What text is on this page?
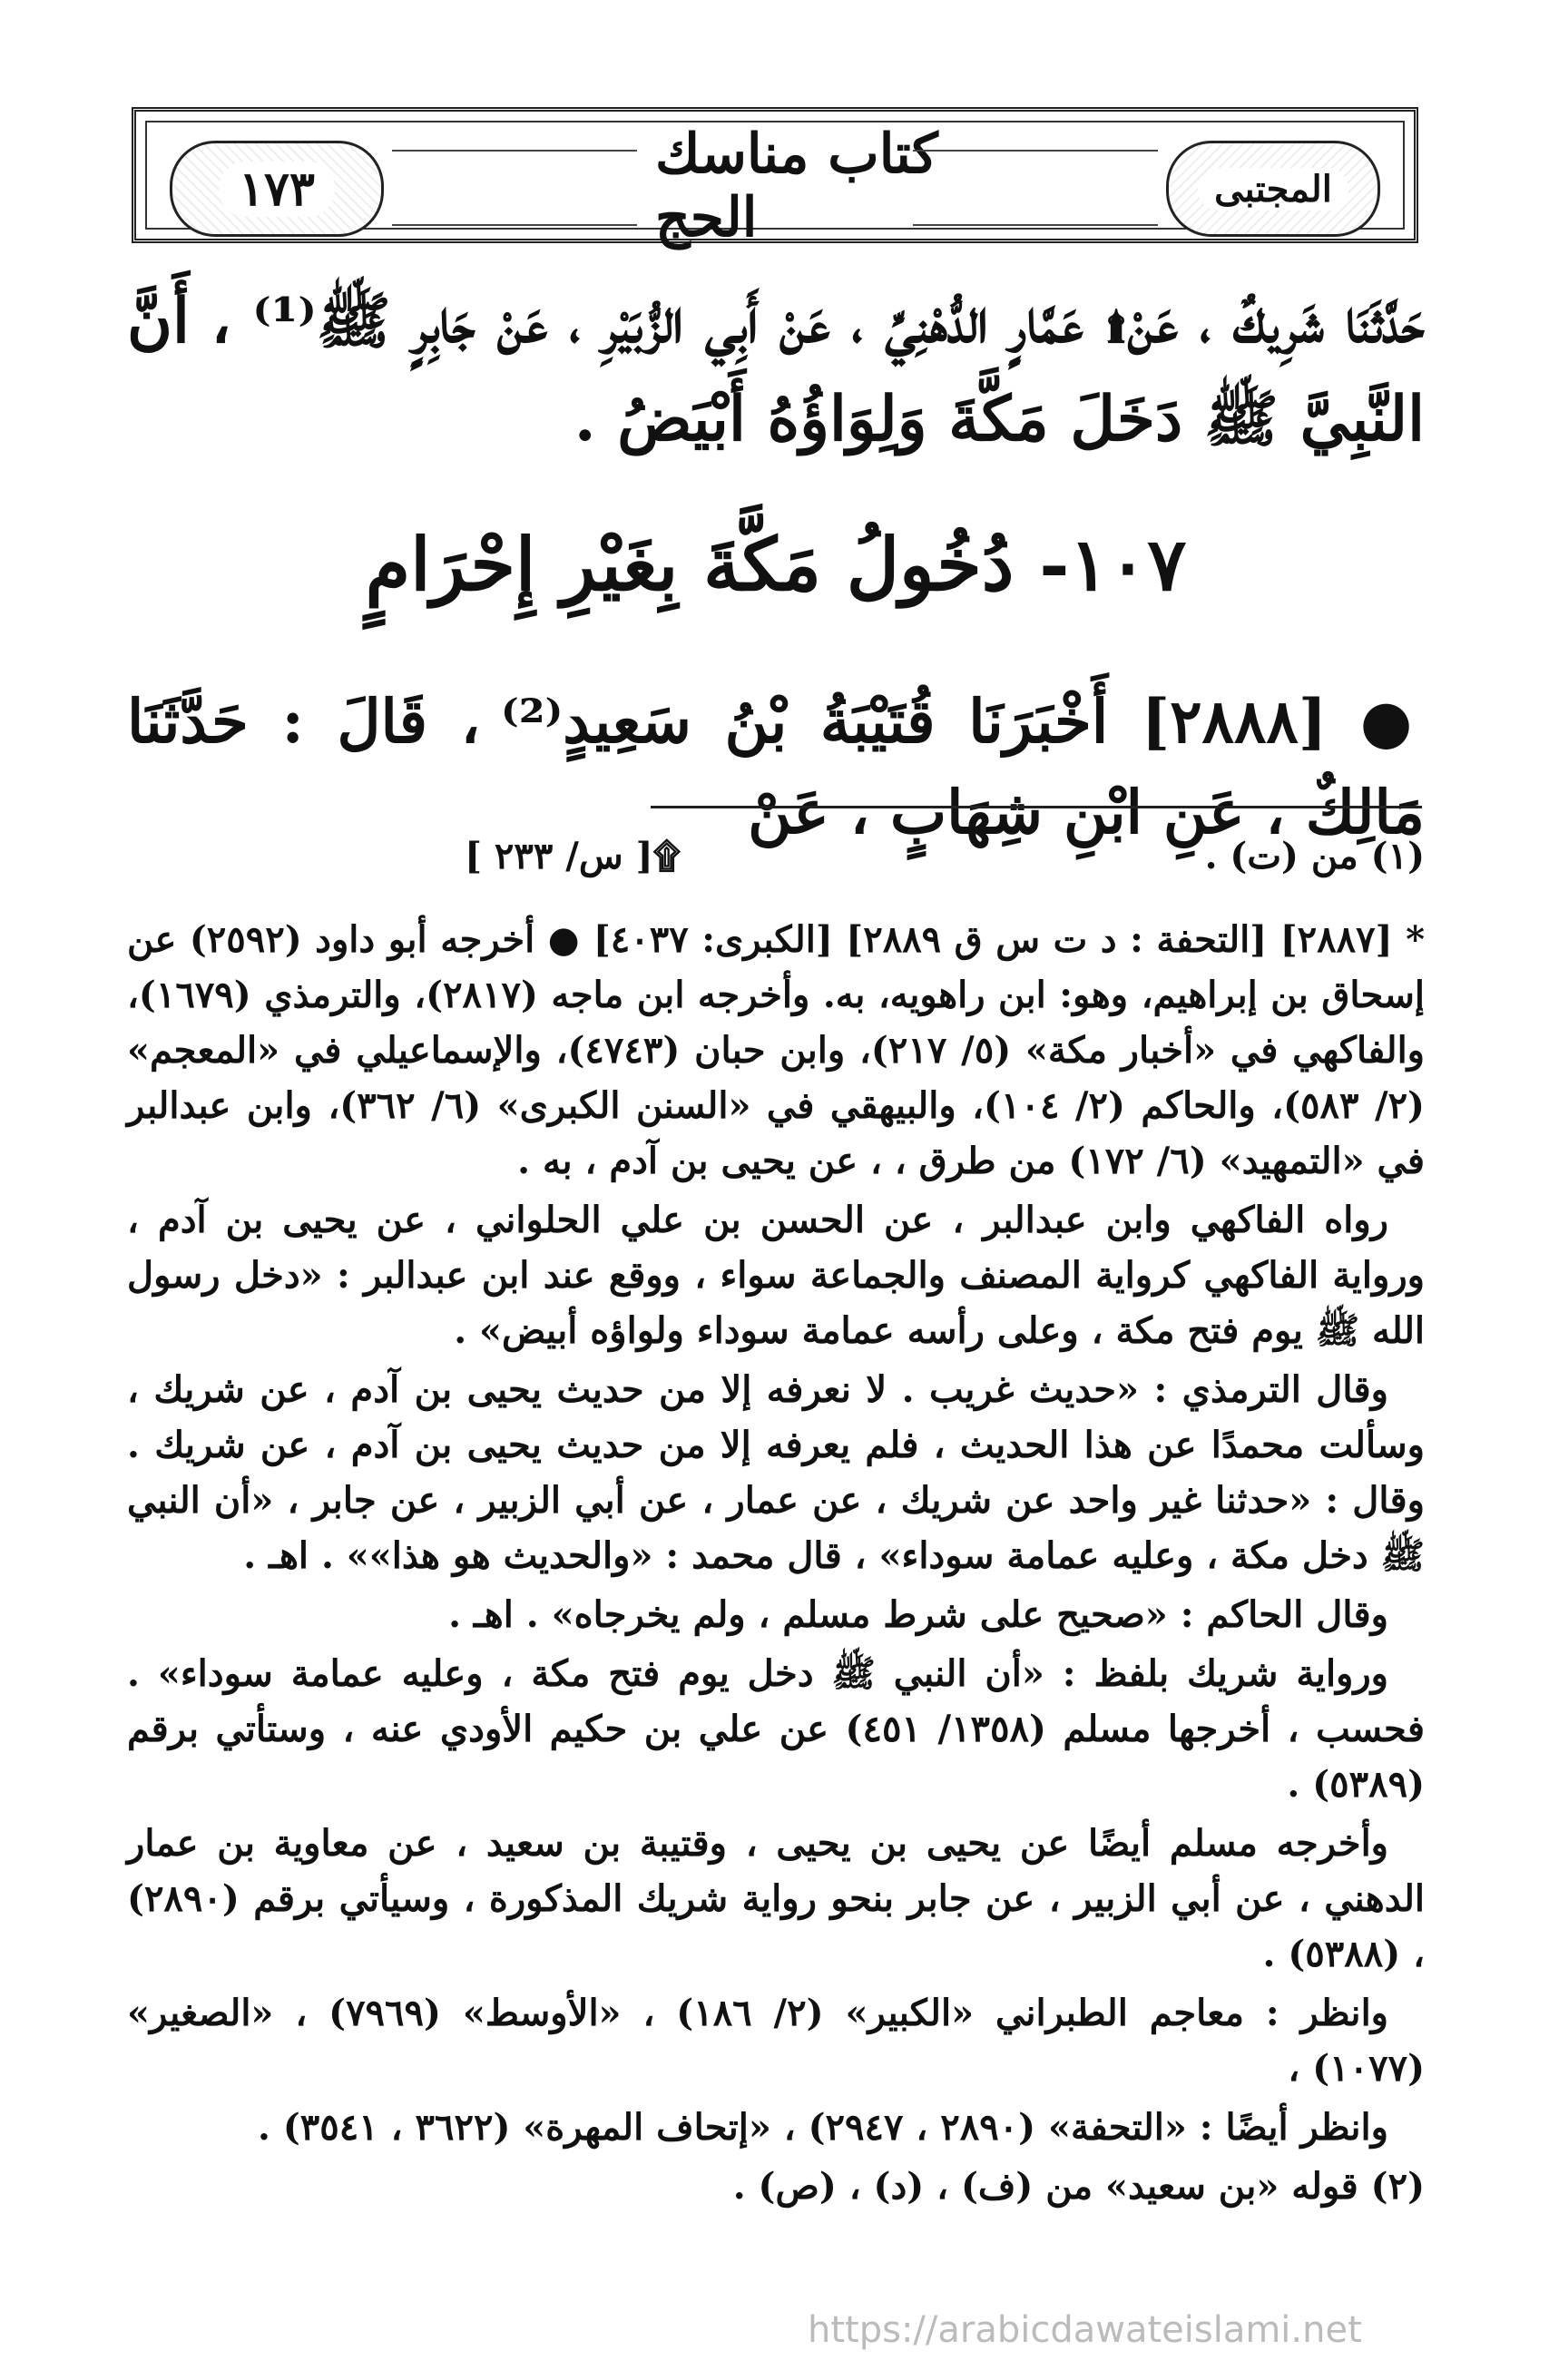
١٧٣
كتاب مناسك الحج	المجتبى
حَدَّثَنَا شَرِيكٌ ، عَنْ۩ عَمَّارٍ الدُّهْنِيِّ ، عَنْ أَبِي الزُّبَيْرِ ، عَنْ جَابِرٍ ﷺ⁽¹⁾ ، أَنَّ النَّبِيَّ ﷺ دَخَلَ مَكَّةَ وَلِوَاؤُهُ أَبْيَضُ .
١٠٧- دُخُولُ مَكَّةَ بِغَيْرِ إِحْرَامٍ
● [٢٨٨٨] أَخْبَرَنَا قُتَيْبَةُ بْنُ سَعِيدٍ⁽²⁾ ، قَالَ : حَدَّثَنَا مَالِكٌ ، عَنِ ابْنِ شِهَابٍ ، عَنْ
(١) من (ت) .
۩[ س/ ٢٣٣ ]

* [٢٨٨٧] [التحفة : د ت س ق ٢٨٨٩] [الكبرى: ٤٠٣٧] ● أخرجه أبو داود (٢٥٩٢) عن إسحاق بن إبراهيم، وهو: ابن راهويه، به. وأخرجه ابن ماجه (٢٨١٧)، والترمذي (١٦٧٩)، والفاكهي في «أخبار مكة» (٥/ ٢١٧)، وابن حبان (٤٧٤٣)، والإسماعيلي في «المعجم» (٢/ ٥٨٣)، والحاكم (٢/ ١٠٤)، والبيهقي في «السنن الكبرى» (٦/ ٣٦٢)، وابن عبدالبر في «التمهيد» (٦/ ١٧٢) من طرق ، ، عن يحيى بن آدم ، به .

رواه الفاكهي وابن عبدالبر ، عن الحسن بن علي الحلواني ، عن يحيى بن آدم ، ورواية الفاكهي كرواية المصنف والجماعة سواء ، ووقع عند ابن عبدالبر : «دخل رسول الله ﷺ يوم فتح مكة ، وعلى رأسه عمامة سوداء ولواؤه أبيض» .

وقال الترمذي : «حديث غريب . لا نعرفه إلا من حديث يحيى بن آدم ، عن شريك ، وسألت محمدًا عن هذا الحديث ، فلم يعرفه إلا من حديث يحيى بن آدم ، عن شريك . وقال : «حدثنا غير واحد عن شريك ، عن عمار ، عن أبي الزبير ، عن جابر ، «أن النبي ﷺ دخل مكة ، وعليه عمامة سوداء» ، قال محمد : «والحديث هو هذا»» . اهـ .

وقال الحاكم : «صحيح على شرط مسلم ، ولم يخرجاه» . اهـ .

ورواية شريك بلفظ : «أن النبي ﷺ دخل يوم فتح مكة ، وعليه عمامة سوداء» . فحسب ، أخرجها مسلم (١٣٥٨/ ٤٥١) عن علي بن حكيم الأودي عنه ، وستأتي برقم (٥٣٨٩) .

وأخرجه مسلم أيضًا عن يحيى بن يحيى ، وقتيبة بن سعيد ، عن معاوية بن عمار الدهني ، عن أبي الزبير ، عن جابر بنحو رواية شريك المذكورة ، وسيأتي برقم (٢٨٩٠) ، (٥٣٨٨) .

وانظر : معاجم الطبراني «الكبير» (٢/ ١٨٦) ، «الأوسط» (٧٩٦٩) ، «الصغير» (١٠٧٧) ،

وانظر أيضًا : «التحفة» (٢٨٩٠ ، ٢٩٤٧) ، «إتحاف المهرة» (٣٦٢٢ ، ٣٥٤١) .

(٢) قوله «بن سعيد» من (ف) ، (د) ، (ص) .

https://arabicdawateislami.net
